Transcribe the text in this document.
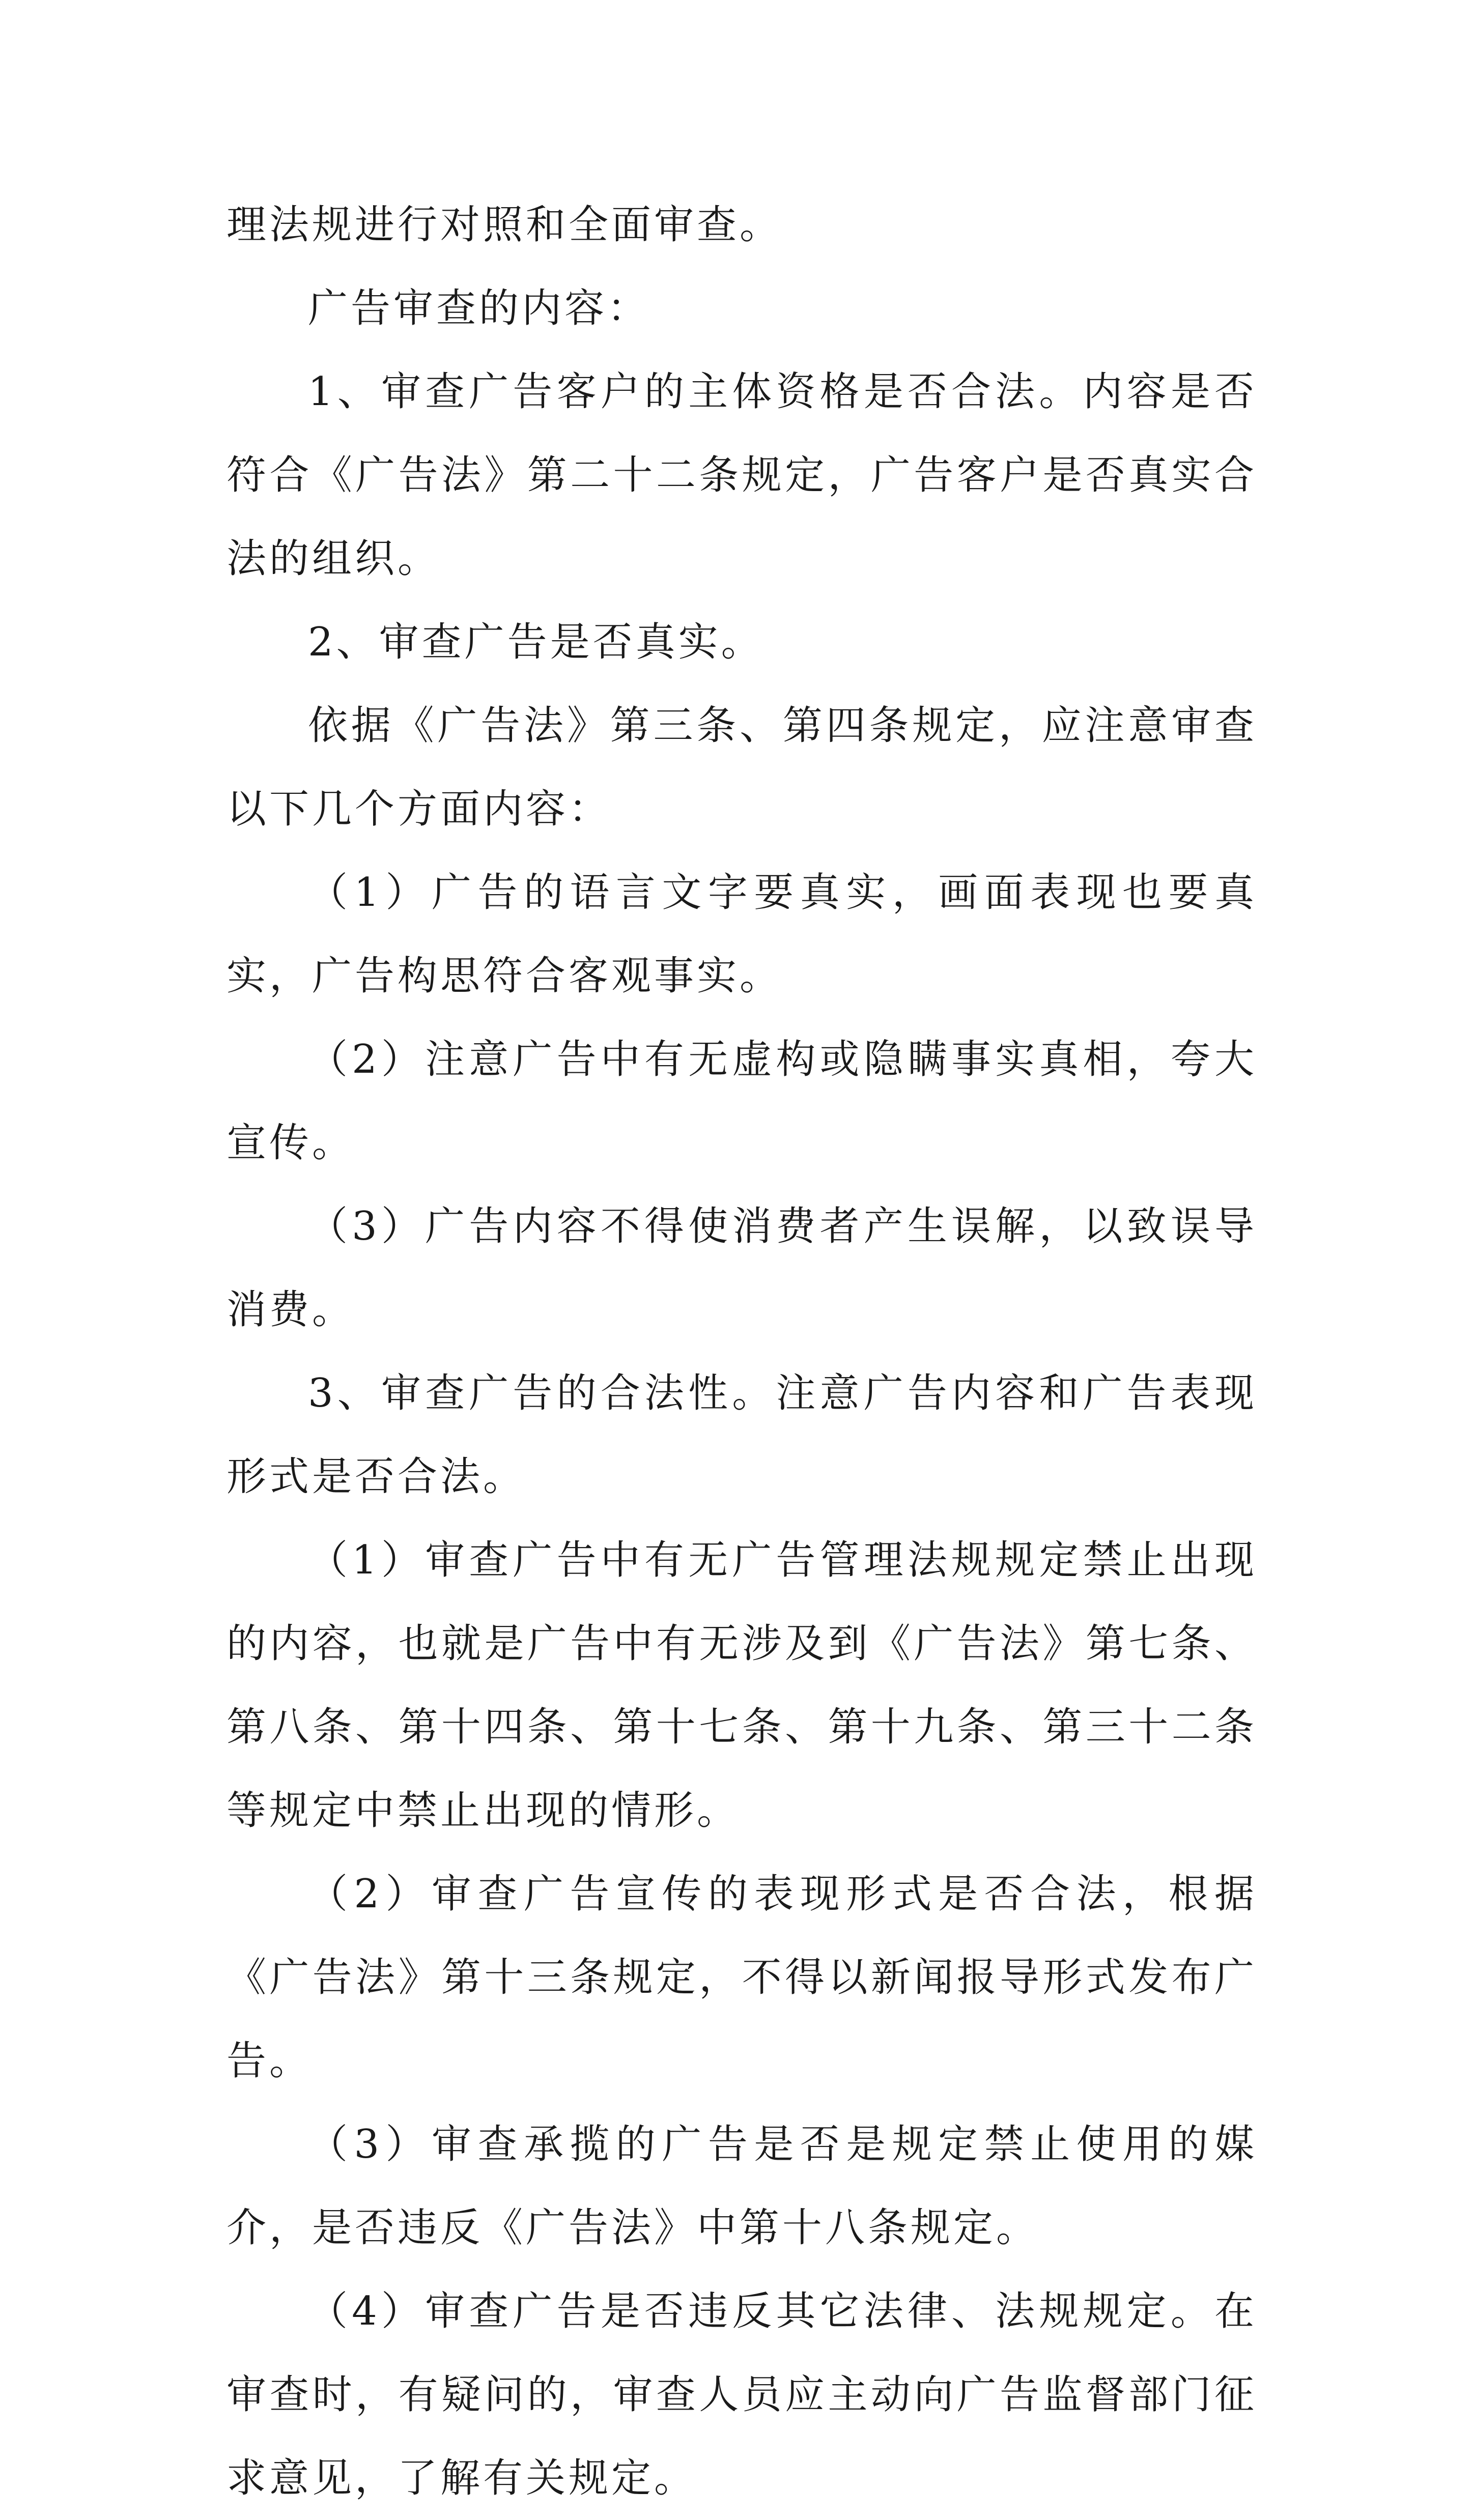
理法规进行对照和全面审查。

广告审查的内容：

1、审查广告客户的主体资格是否合法。内容是否符合《广告法》第二十二条规定，广告客户是否真实合法的组织。

2、审查广告是否真实。

依据《广告法》第三条、第四条规定，应注意审查以下几个方面内容：

（1）广告的语言文字要真实，画面表现也要真实，广告构思符合客观事实。

（2）注意广告中有无虚构或隐瞒事实真相，夸大宣传。

（3）广告内容不得使消费者产生误解，以致误导消费。

3、审查广告的合法性。注意广告内容和广告表现形式是否合法。

（1）审查广告中有无广告管理法规规定禁止出现的内容，也就是广告中有无涉及到《广告法》第七条、第八条、第十四条、第十七条、第十九条、第三十二条等规定中禁止出现的情形。

（2）审查广告宣传的表现形式是否合法，根据《广告法》第十三条规定，不得以新闻报导形式发布广告。

（3）审查承揽的广告是否是规定禁止使用的媒介，是否违反《广告法》中第十八条规定。

（4）审查广告是否违反其它法律、法规规定。在审查时，有疑问的，审查人员应主动向广告监督部门征求意见，了解有关规定。
